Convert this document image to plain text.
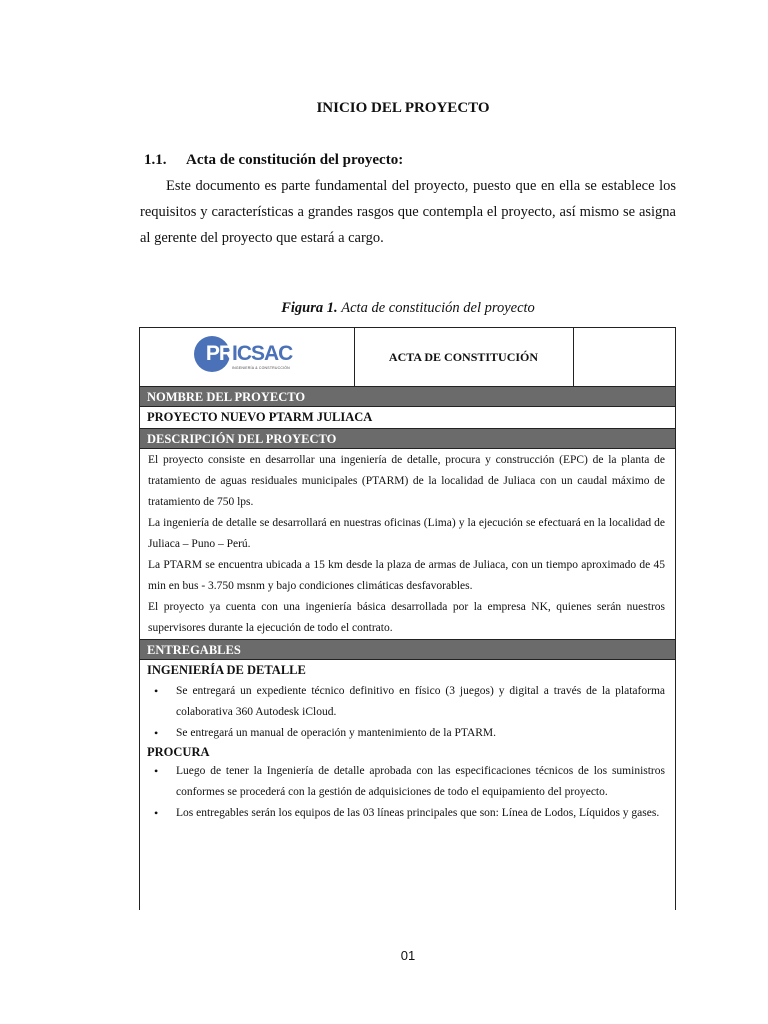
INICIO DEL PROYECTO
1.1. Acta de constitución del proyecto:

Este documento es parte fundamental del proyecto, puesto que en ella se establece los requisitos y características a grandes rasgos que contempla el proyecto, así mismo se asigna al gerente del proyecto que estará a cargo.

Figura 1. Acta de constitución del proyecto
PR ICSAC
INGENIERÍA & CONSTRUCCIÓN
ACTA DE CONSTITUCIÓN
NOMBRE DEL PROYECTO
PROYECTO NUEVO PTARM JULIACA
DESCRIPCIÓN DEL PROYECTO

El proyecto consiste en desarrollar una ingeniería de detalle, procura y construcción (EPC) de la planta de tratamiento de aguas residuales municipales (PTARM) de la localidad de Juliaca con un caudal máximo de tratamiento de 750 lps.

La ingeniería de detalle se desarrollará en nuestras oficinas (Lima) y la ejecución se efectuará en la localidad de Juliaca – Puno – Perú.

La PTARM se encuentra ubicada a 15 km desde la plaza de armas de Juliaca, con un tiempo aproximado de 45 min en bus - 3.750 msnm y bajo condiciones climáticas desfavorables.

El proyecto ya cuenta con una ingeniería básica desarrollada por la empresa NK, quienes serán nuestros supervisores durante la ejecución de todo el contrato.

ENTREGABLES
INGENIERÍA DE DETALLE
• Se entregará un expediente técnico definitivo en físico (3 juegos) y digital a través de la plataforma colaborativa 360 Autodesk iCloud.
• Se entregará un manual de operación y mantenimiento de la PTARM.
PROCURA
• Luego de tener la Ingeniería de detalle aprobada con las especificaciones técnicos de los suministros conformes se procederá con la gestión de adquisiciones de todo el equipamiento del proyecto.
• Los entregables serán los equipos de las 03 líneas principales que son: Línea de Lodos, Líquidos y gases.
01
